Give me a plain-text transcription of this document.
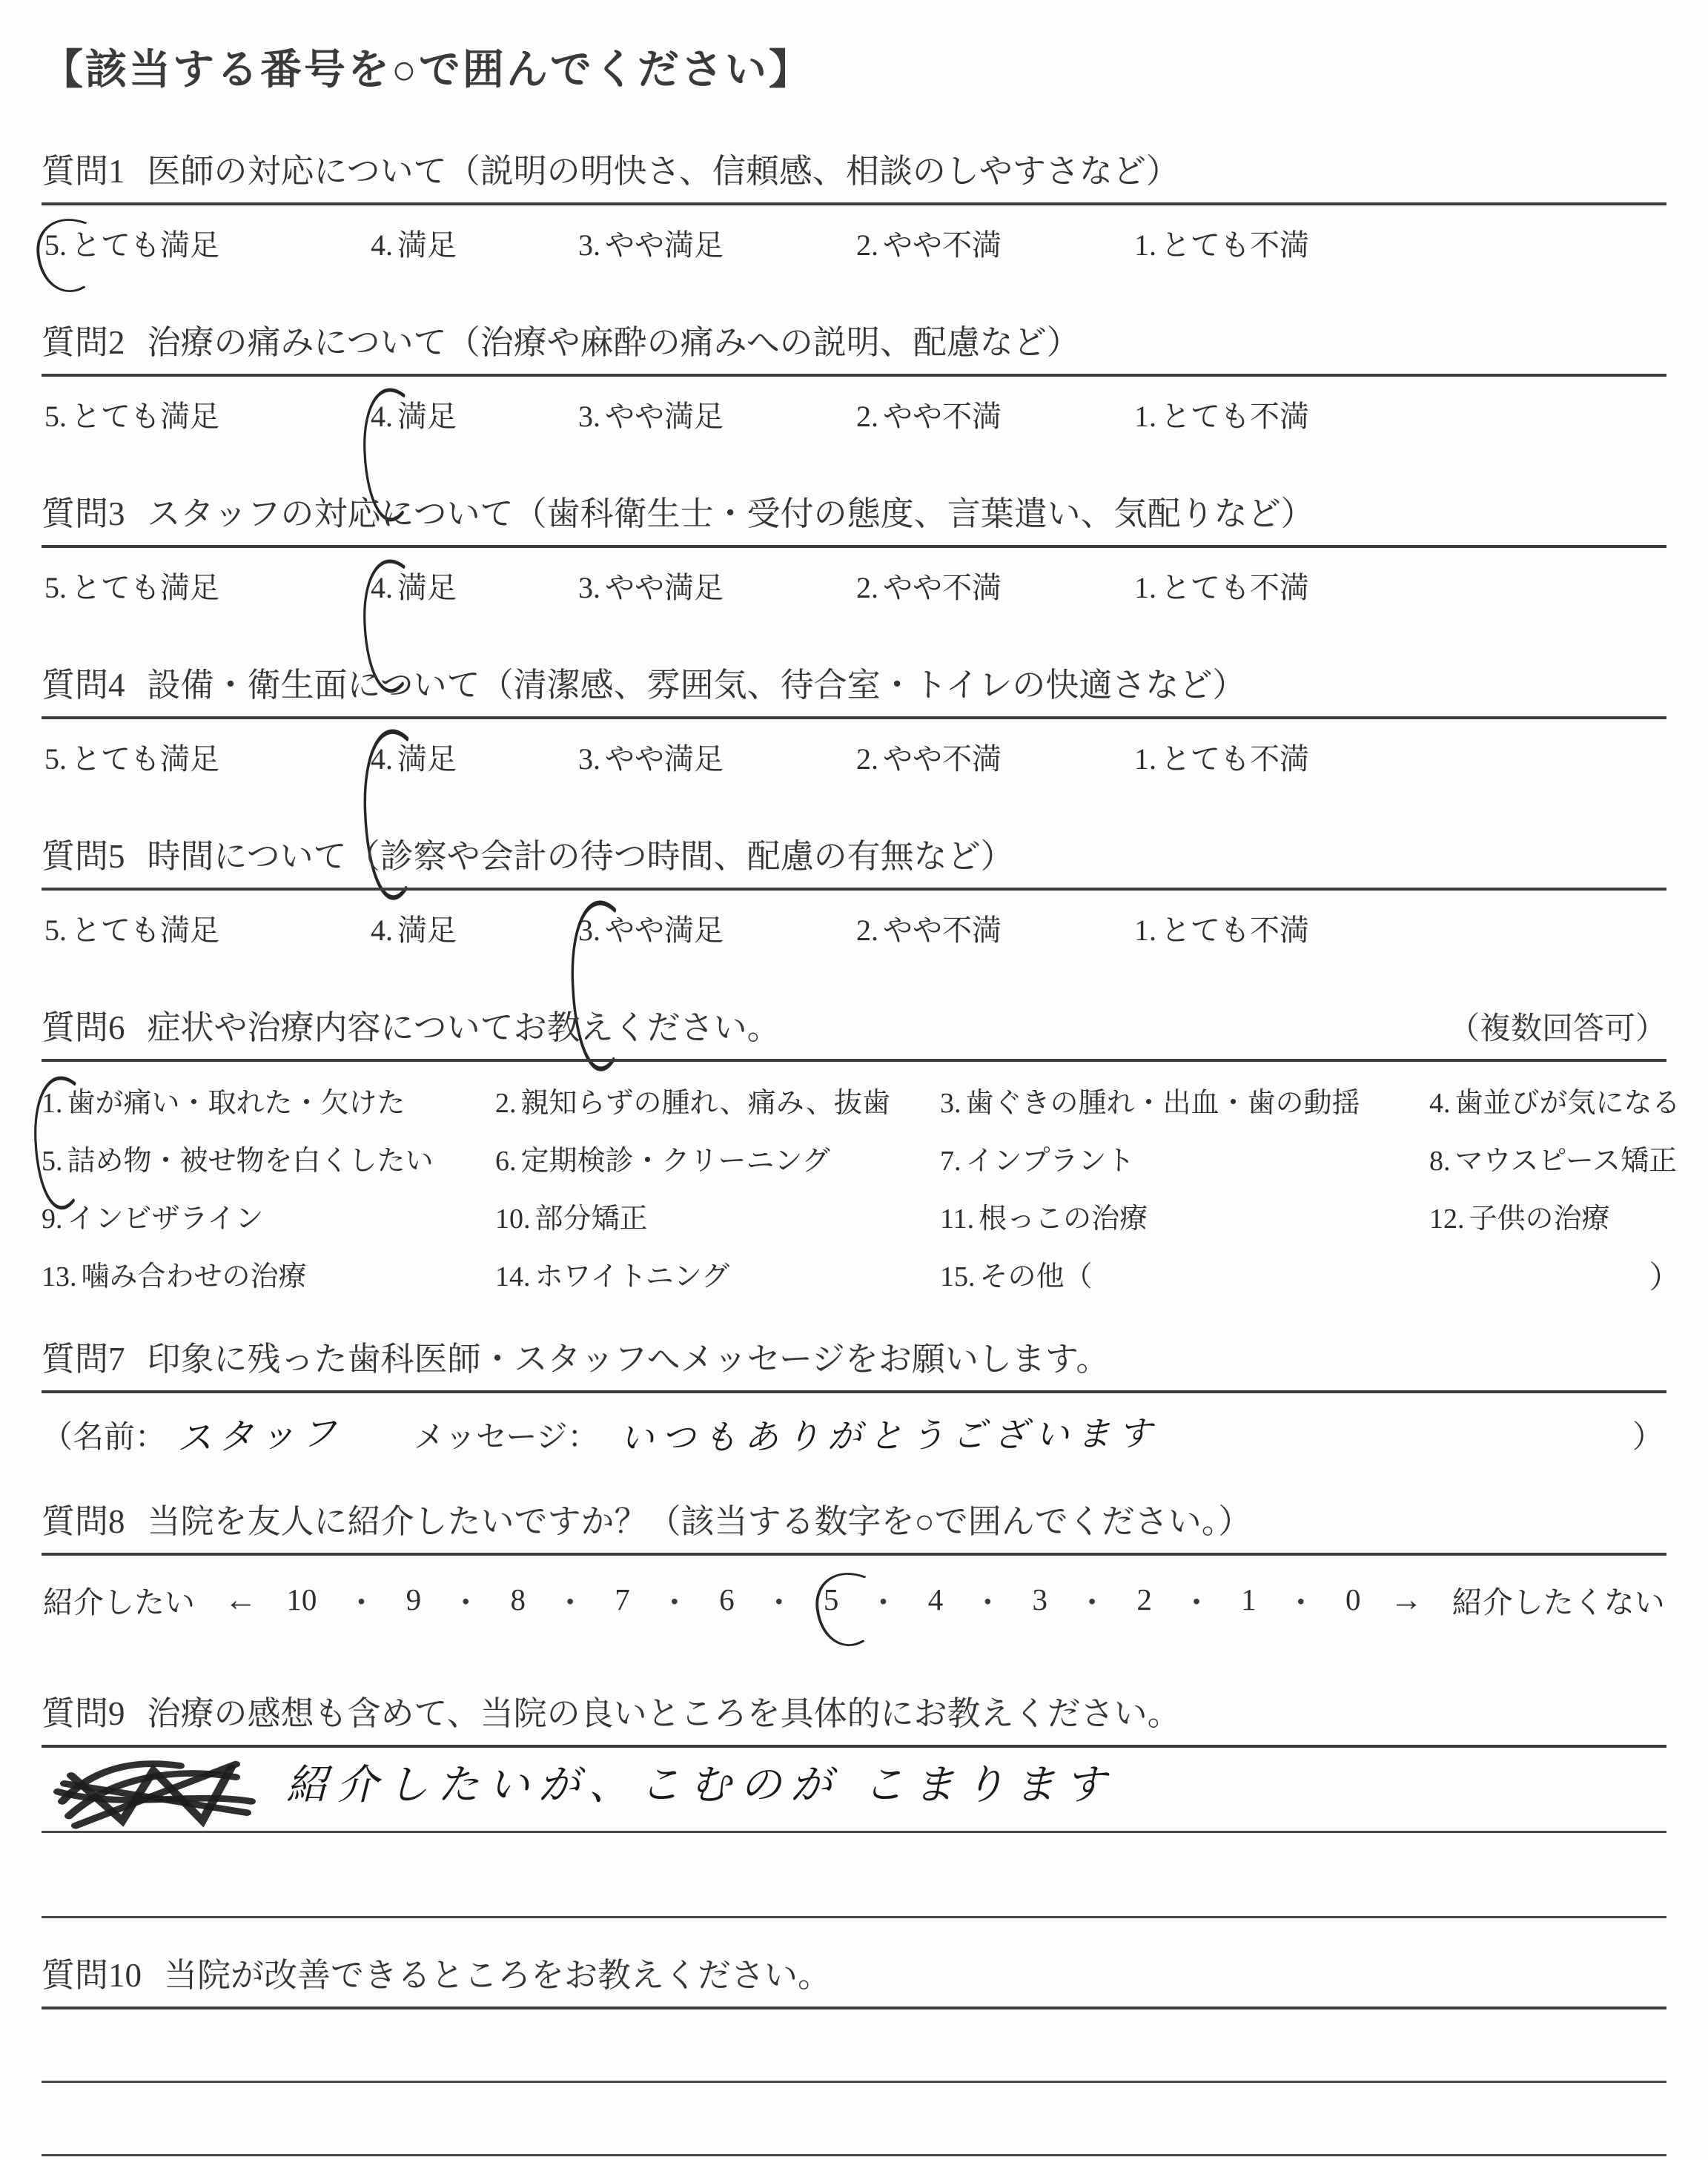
【該当する番号を○で囲んでください】
質問1 医師の対応について（説明の明快さ、信頼感、相談のしやすさなど）
5. とても満足	4. 満足	3. やや満足	2. やや不満	1. とても不満
質問2 治療の痛みについて（治療や麻酔の痛みへの説明、配慮など）
5. とても満足	4. 満足	3. やや満足	2. やや不満	1. とても不満
質問3 スタッフの対応について（歯科衛生士・受付の態度、言葉遣い、気配りなど）
5. とても満足	4. 満足	3. やや満足	2. やや不満	1. とても不満
質問4 設備・衛生面について（清潔感、雰囲気、待合室・トイレの快適さなど）
5. とても満足	4. 満足	3. やや満足	2. やや不満	1. とても不満
質問5 時間について（診察や会計の待つ時間、配慮の有無など）
5. とても満足	4. 満足	3. やや満足	2. やや不満	1. とても不満
質問6 症状や治療内容についてお教えください。	（複数回答可）
1. 歯が痛い・取れた・欠けた	2. 親知らずの腫れ、痛み、抜歯 3. 歯ぐきの腫れ・出血・歯の動揺 4. 歯並びが気になる
5. 詰め物・被せ物を白くしたい 6. 定期検診・クリーニング	7. インプラント	8. マウスピース矯正
9. インビザライン	10. 部分矯正	11. 根っこの治療	12. 子供の治療
13. 噛み合わせの治療	14. ホワイトニング	15. その他（	）
質問7 印象に残った歯科医師・スタッフへメッセージをお願いします。
（名前： スタッフ	メッセージ： いつもありがとうございます	）
質問8 当院を友人に紹介したいですか？（該当する数字を○で囲んでください。）
紹介したい ← 10 ・ 9 ・ 8 ・ 7 ・ 6 ・ 5 ・ 4 ・ 3 ・ 2 ・ 1 ・ 0 → 紹介したくない
質問9 治療の感想も含めて、当院の良いところを具体的にお教えください。
紹介したいが、こむのが こまります
質問10 当院が改善できるところをお教えください。
